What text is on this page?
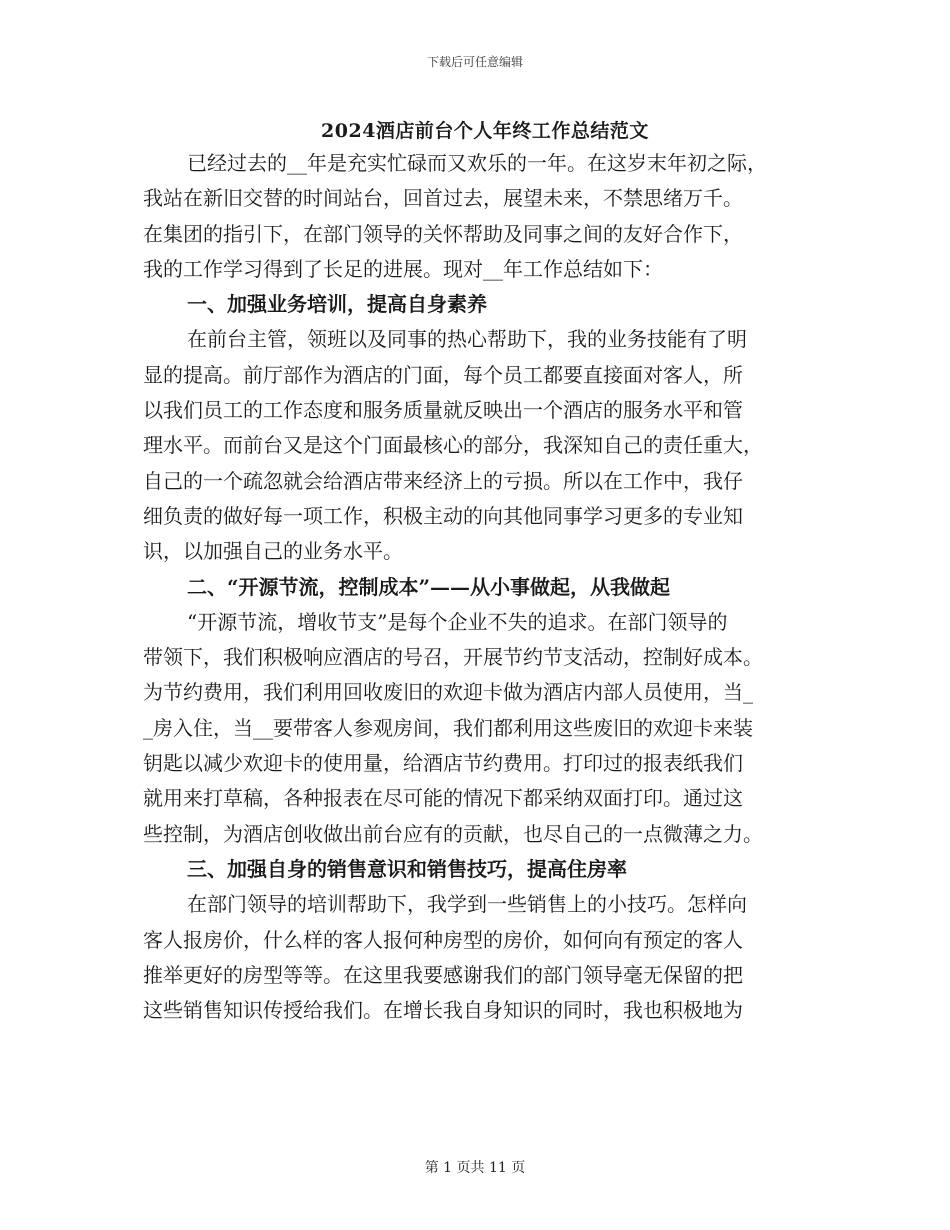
下载后可任意编辑
2024酒店前台个人年终工作总结范文
已经过去的__年是充实忙碌而又欢乐的一年。在这岁末年初之际，
我站在新旧交替的时间站台，回首过去，展望未来，不禁思绪万千。
在集团的指引下，在部门领导的关怀帮助及同事之间的友好合作下，
我的工作学习得到了长足的进展。现对__年工作总结如下：
一、加强业务培训，提高自身素养
在前台主管，领班以及同事的热心帮助下，我的业务技能有了明
显的提高。前厅部作为酒店的门面，每个员工都要直接面对客人，所
以我们员工的工作态度和服务质量就反映出一个酒店的服务水平和管
理水平。而前台又是这个门面最核心的部分，我深知自己的责任重大，
自己的一个疏忽就会给酒店带来经济上的亏损。所以在工作中，我仔
细负责的做好每一项工作，积极主动的向其他同事学习更多的专业知
识，以加强自己的业务水平。
二、“开源节流，控制成本”——从小事做起，从我做起
“开源节流，增收节支”是每个企业不失的追求。在部门领导的
带领下，我们积极响应酒店的号召，开展节约节支活动，控制好成本。
为节约费用，我们利用回收废旧的欢迎卡做为酒店内部人员使用，当_
_房入住，当__要带客人参观房间，我们都利用这些废旧的欢迎卡来装
钥匙以减少欢迎卡的使用量，给酒店节约费用。打印过的报表纸我们
就用来打草稿，各种报表在尽可能的情况下都采纳双面打印。通过这
些控制，为酒店创收做出前台应有的贡献，也尽自己的一点微薄之力。
三、加强自身的销售意识和销售技巧，提高住房率
在部门领导的培训帮助下，我学到一些销售上的小技巧。怎样向
客人报房价，什么样的客人报何种房型的房价，如何向有预定的客人
推举更好的房型等等。在这里我要感谢我们的部门领导毫无保留的把
这些销售知识传授给我们。在增长我自身知识的同时，我也积极地为
第 1 页共 11 页
